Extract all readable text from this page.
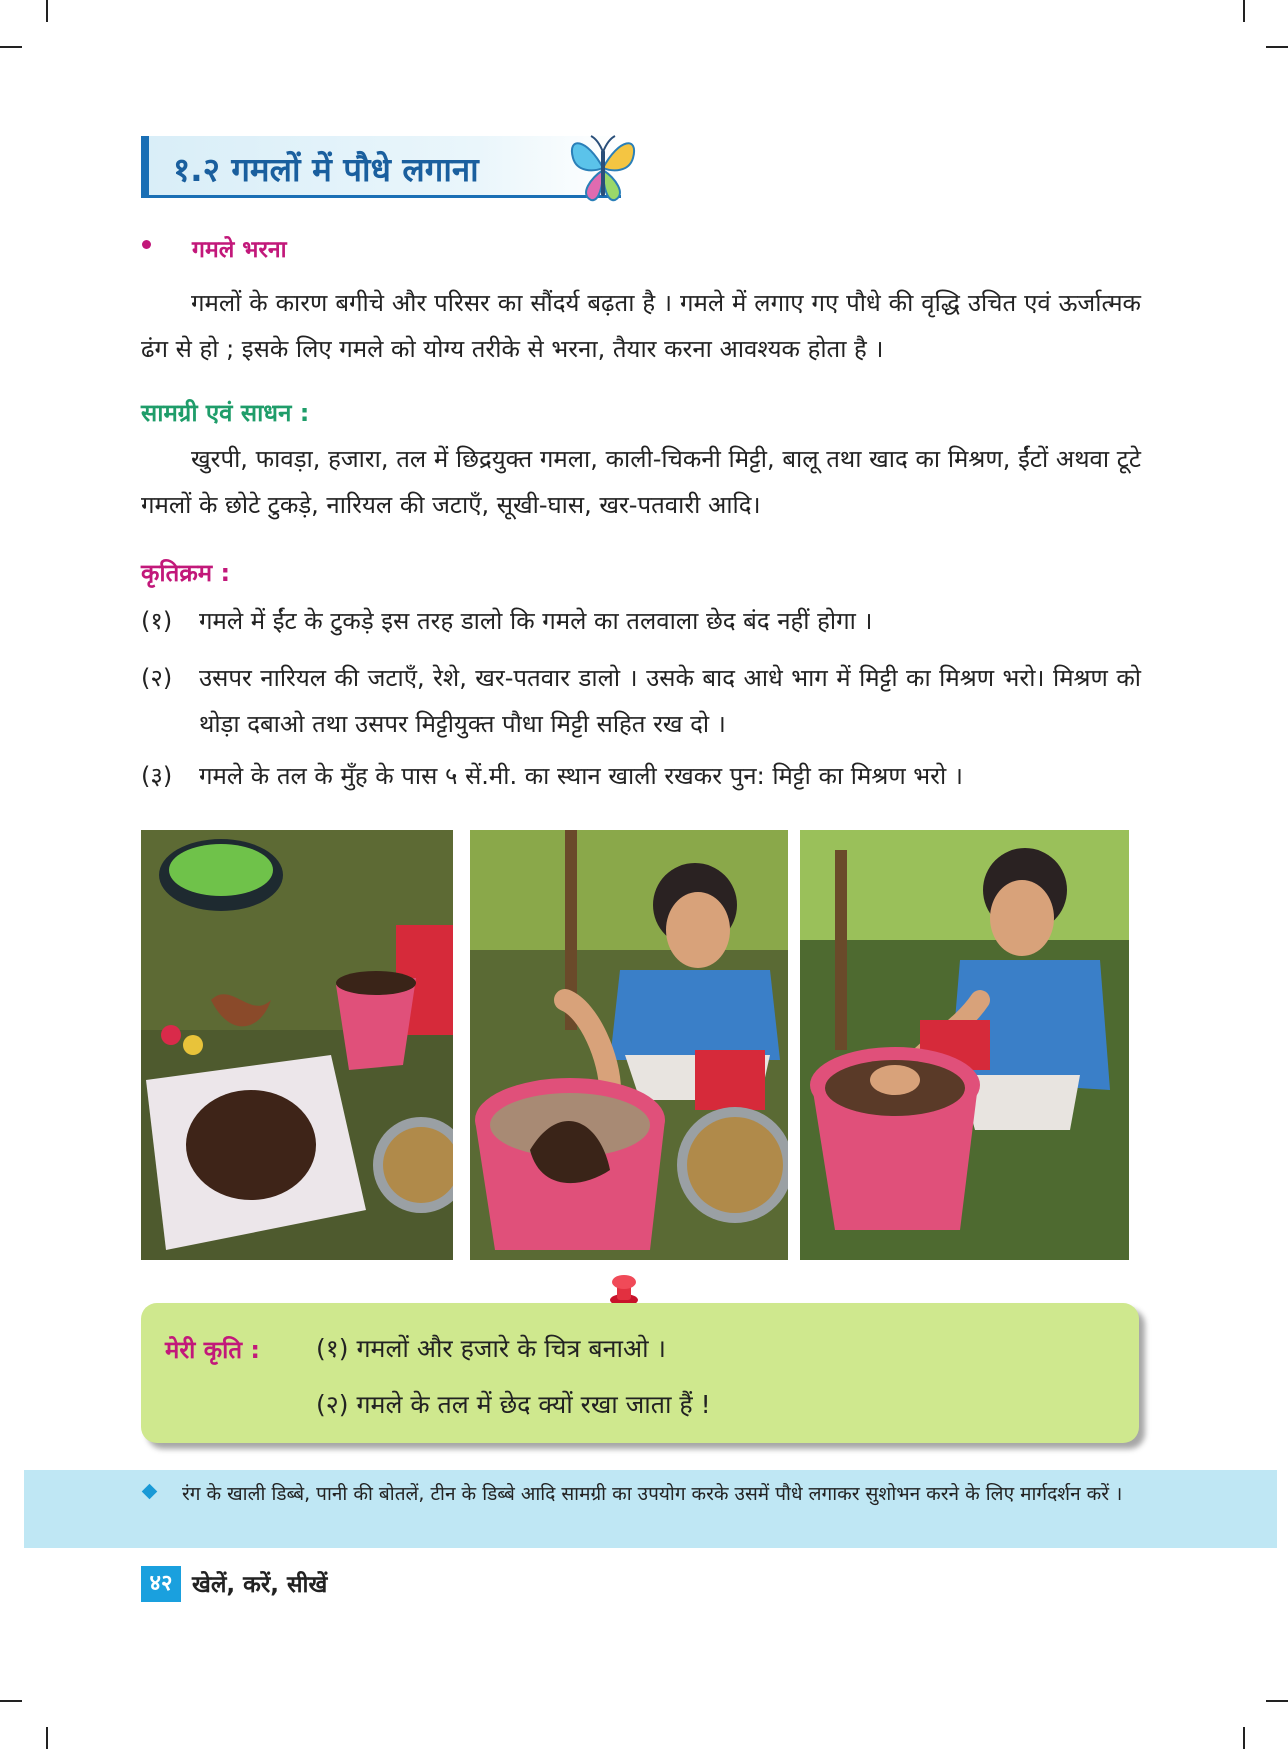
१.२ गमलों में पौधे लगाना
गमले भरना
गमलों के कारण बगीचे और परिसर का सौंदर्य बढ़ता है । गमले में लगाए गए पौधे की वृद्धि उचित एवं ऊर्जात्मक ढंग से हो ; इसके लिए गमले को योग्य तरीके से भरना, तैयार करना आवश्यक होता है ।
सामग्री एवं साधन :
खुरपी, फावड़ा, हजारा, तल में छिद्रयुक्त गमला, काली-चिकनी मिट्टी, बालू तथा खाद का मिश्रण, ईंटों अथवा टूटे गमलों के छोटे टुकड़े, नारियल की जटाएँ, सूखी-घास, खर-पतवारी आदि।
कृतिक्रम :
(१) गमले में ईंट के टुकड़े इस तरह डालो कि गमले का तलवाला छेद बंद नहीं होगा ।
(२) उसपर नारियल की जटाएँ, रेशे, खर-पतवार डालो । उसके बाद आधे भाग में मिट्टी का मिश्रण भरो। मिश्रण को थोड़ा दबाओ तथा उसपर मिट्टीयुक्त पौधा मिट्टी सहित रख दो ।
(३) गमले के तल के मुँह के पास ५ सें.मी. का स्थान खाली रखकर पुन: मिट्टी का मिश्रण भरो ।
मेरी कृति : (१) गमलों और हजारे के चित्र बनाओ ।
(२) गमले के तल में छेद क्यों रखा जाता हैं !
रंग के खाली डिब्बे, पानी की बोतलें, टीन के डिब्बे आदि सामग्री का उपयोग करके उसमें पौधे लगाकर सुशोभन करने के लिए मार्गदर्शन करें ।
४२ खेलें, करें, सीखें
